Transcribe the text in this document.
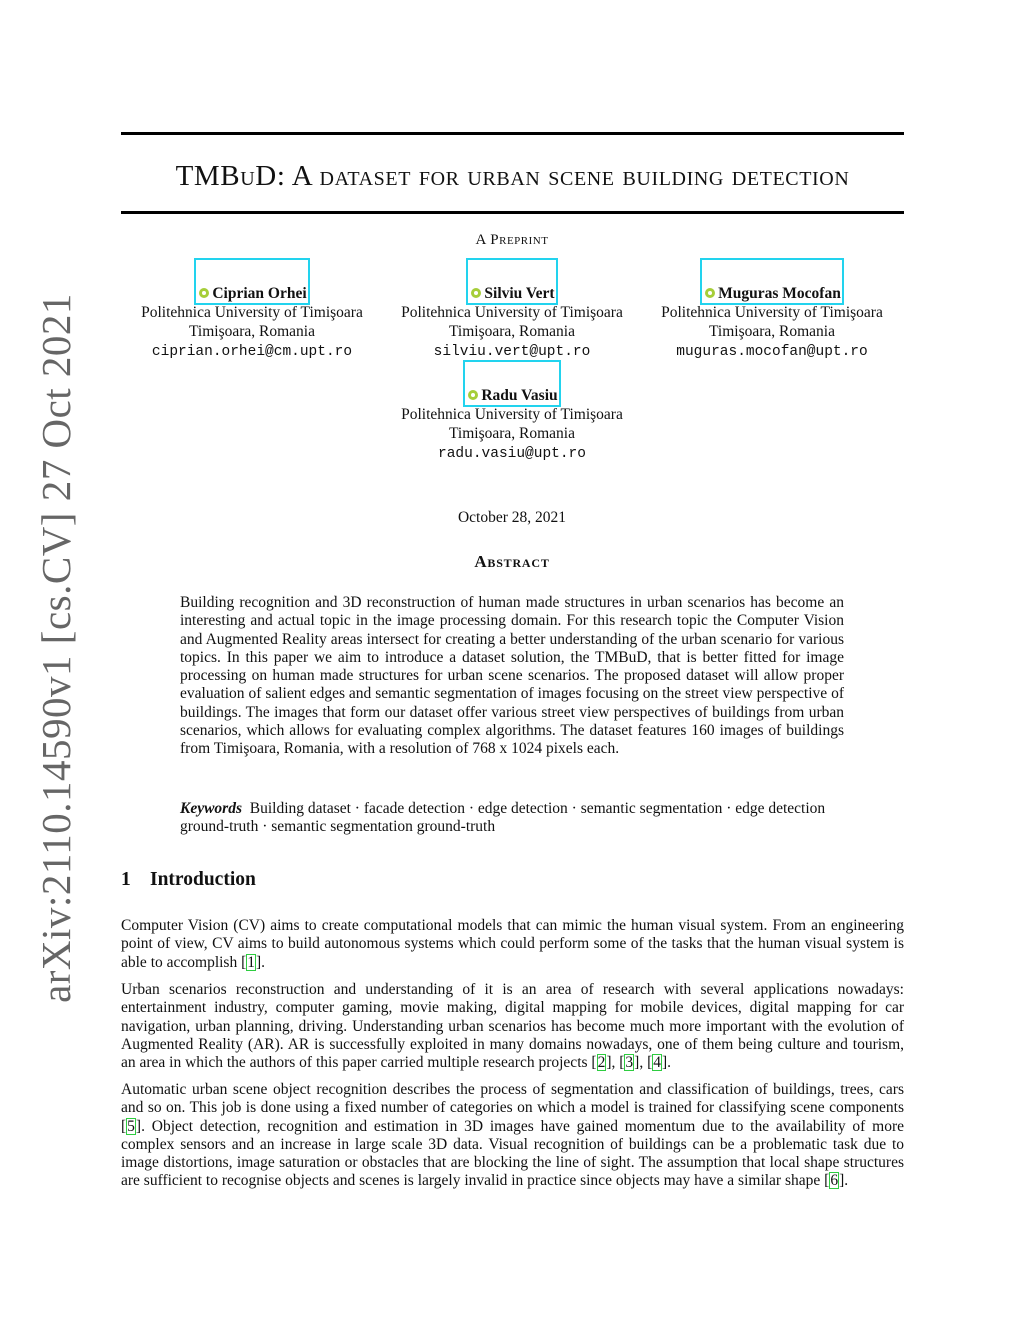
arXiv:2110.14590v1 [cs.CV] 27 Oct 2021
TMBuD: A dataset for urban scene building detection
A Preprint
Ciprian Orhei
Politehnica University of Timişoara
Timişoara, Romania
ciprian.orhei@cm.upt.ro
Silviu Vert
Politehnica University of Timişoara
Timişoara, Romania
silviu.vert@upt.ro
Muguras Mocofan
Politehnica University of Timişoara
Timişoara, Romania
muguras.mocofan@upt.ro
Radu Vasiu
Politehnica University of Timişoara
Timişoara, Romania
radu.vasiu@upt.ro
October 28, 2021
Abstract
Building recognition and 3D reconstruction of human made structures in urban scenarios has become an interesting and actual topic in the image processing domain. For this research topic the Computer Vision and Augmented Reality areas intersect for creating a better understanding of the urban scenario for various topics. In this paper we aim to introduce a dataset solution, the TMBuD, that is better fitted for image processing on human made structures for urban scene scenarios. The proposed dataset will allow proper evaluation of salient edges and semantic segmentation of images focusing on the street view perspective of buildings. The images that form our dataset offer various street view perspectives of buildings from urban scenarios, which allows for evaluating complex algorithms. The dataset features 160 images of buildings from Timişoara, Romania, with a resolution of 768 x 1024 pixels each.
Keywords Building dataset · facade detection · edge detection · semantic segmentation · edge detection ground-truth · semantic segmentation ground-truth
1 Introduction
Computer Vision (CV) aims to create computational models that can mimic the human visual system. From an engineering point of view, CV aims to build autonomous systems which could perform some of the tasks that the human visual system is able to accomplish [1].
Urban scenarios reconstruction and understanding of it is an area of research with several applications nowadays: entertainment industry, computer gaming, movie making, digital mapping for mobile devices, digital mapping for car navigation, urban planning, driving. Understanding urban scenarios has become much more important with the evolution of Augmented Reality (AR). AR is successfully exploited in many domains nowadays, one of them being culture and tourism, an area in which the authors of this paper carried multiple research projects [2], [3], [4].
Automatic urban scene object recognition describes the process of segmentation and classification of buildings, trees, cars and so on. This job is done using a fixed number of categories on which a model is trained for classifying scene components [5]. Object detection, recognition and estimation in 3D images have gained momentum due to the availability of more complex sensors and an increase in large scale 3D data. Visual recognition of buildings can be a problematic task due to image distortions, image saturation or obstacles that are blocking the line of sight. The assumption that local shape structures are sufficient to recognise objects and scenes is largely invalid in practice since objects may have a similar shape [6].
